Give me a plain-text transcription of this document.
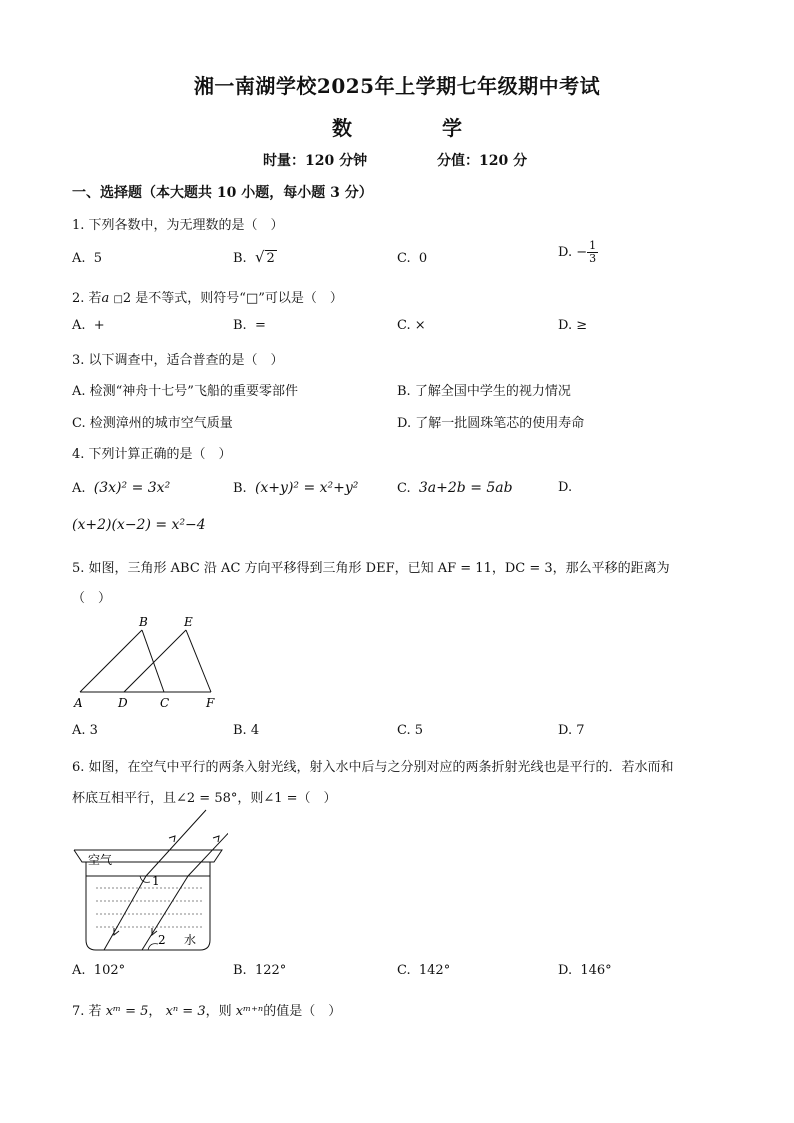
湘一南湖学校2025年上学期七年级期中考试
数	学
时量：120 分钟	分值：120 分
一、选择题（本大题共 10 小题，每小题 3 分）
1. 下列各数中，为无理数的是（　）
A. 5	B. √ 2	C. 0	D. − $\frac{1}{3}$
2. 若a □2 是不等式，则符号“□”可以是（　）
A. +	B. =	C. ×	D. ≥
3. 以下调查中，适合普查的是（　）
A. 检测“神舟十七号”飞船的重要零部件	B. 了解全国中学生的视力情况
C. 检测漳州的城市空气质量	D. 了解一批圆珠笔芯的使用寿命
4. 下列计算正确的是（　）
A. (3x)² = 3x²	B. (x+y)² = x²+y²	C. 3a+2b = 5ab	D.
(x+2)(x−2) = x²−4
5. 如图，三角形 ABC 沿 AC 方向平移得到三角形 DEF，已知 AF = 11，DC = 3，那么平移的距离为
（　）
B	E
A	D	C	F
A. 3	B. 4	C. 5	D. 7
6. 如图，在空气中平行的两条入射光线，射入水中后与之分别对应的两条折射光线也是平行的．若水而和
杯底互相平行，且∠2 = 58°，则∠1 =（　）
空气
1
2 水
A. 102°	B. 122°	C. 142°	D. 146°
7. 若 xᵐ = 5， xⁿ = 3，则 xᵐ⁺ⁿ的值是（　）
